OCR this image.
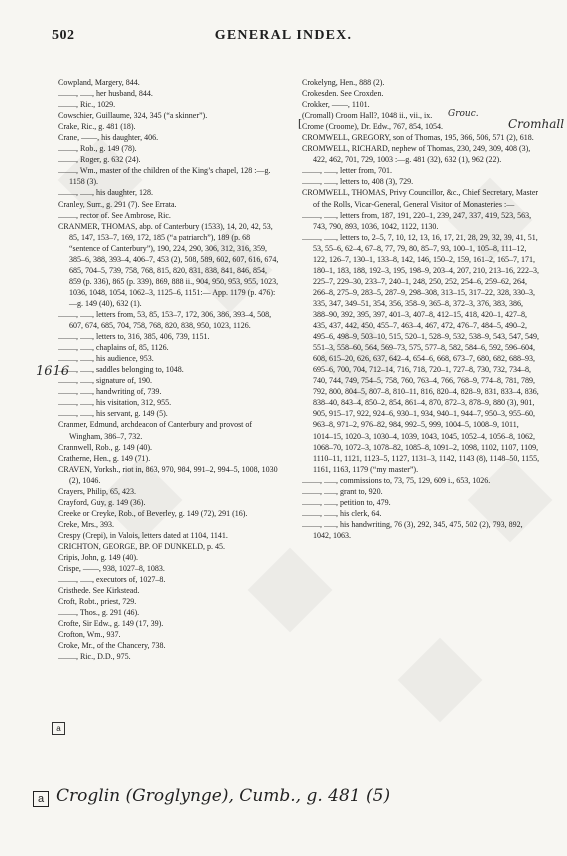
502	GENERAL INDEX.

Cowpland, Margery, 844.

........., ......, her husband, 844.

........., Ric., 1029.

Cowschier, Guillaume, 324, 345 (“a skinner”).

Crake, Ric., g. 481 (18).

Crane, ——, his daughter, 406.

........., Rob., g. 149 (78).

........., Roger, g. 632 (24).

........., Wm., master of the children of the King’s chapel, 128 :—g. 1158 (3).

........., ......, his daughter, 128.

Cranley, Surr., g. 291 (7). See Errata.

........., rector of. See Ambrose, Ric.

CRANMER, THOMAS, abp. of Canterbury (1533), 14, 20, 42, 53, 85, 147, 153–7, 169, 172, 185 (“a patriarch”), 189 (p. 68 “sentence of Canterbury”), 190, 224, 290, 306, 312, 316, 359, 385–6, 388, 393–4, 406–7, 453 (2), 508, 589, 602, 607, 616, 674, 685, 704–5, 739, 758, 768, 815, 820, 831, 838, 841, 846, 854, 859 (p. 336), 865 (p. 339), 869, 888 ii., 904, 950, 953, 955, 1023, 1036, 1048, 1054, 1062–3, 1125–6, 1151:— App. 1179 (p. 476):—g. 149 (40), 632 (1).

........., ......, letters from, 53, 85, 153–7, 172, 306, 386, 393–4, 508, 607, 674, 685, 704, 758, 768, 820, 838, 950, 1023, 1126.

........., ......, letters to, 316, 385, 406, 739, 1151.

........., ......, chaplains of, 85, 1126.

........., ......, his audience, 953.

........., ......, saddles belonging to, 1048.

........., ......, signature of, 190.

........., ......, handwriting of, 739.

........., ......, his visitation, 312, 955.

........., ......, his servant, g. 149 (5).

Cranmer, Edmund, archdeacon of Canterbury and provost of Wingham, 386–7, 732.

Crannwell, Rob., g. 149 (40).

Cratherne, Hen., g. 149 (71).

CRAVEN, Yorksh., riot in, 863, 970, 984, 991–2, 994–5, 1008, 1030 (2), 1046.

Crayers, Philip, 65, 423.

Crayford, Guy, g. 149 (36).

Creeke or Creyke, Rob., of Beverley, g. 149 (72), 291 (16).

Creke, Mrs., 393.

Crespy (Crepi), in Valois, letters dated at 1104, 1141.

CRICHTON, GEORGE, BP. OF DUNKELD, p. 45.

Cripis, John, g. 149 (40).

Crispe, ——, 938, 1027–8, 1083.

........., ......, executors of, 1027–8.

Cristhede. See Kirkstead.

Croft, Robt., priest, 729.

........., Thos., g. 291 (46).

Crofte, Sir Edw., g. 149 (17, 39).

Crofton, Wm., 937.

Croke, Mr., of the Chancery, 738.

........., Ric., D.D., 975.

Crokelyng, Hen., 888 (2).

Crokesden. See Croxden.

Crokker, ——, 1101.

(Cromall) Croom Hall?, 1048 ii., vii., ix.

Crome (Croome), Dr. Edw., 767, 854, 1054.

CROMWELL, GREGORY, son of Thomas, 195, 366, 506, 571 (2), 618.

CROMWELL, RICHARD, nephew of Thomas, 230, 249, 309, 408 (3), 422, 462, 701, 729, 1003 :—g. 481 (32), 632 (1), 962 (22).

........., ......, letter from, 701.

........., ......, letters to, 408 (3), 729.

CROMWELL, THOMAS, Privy Councillor, &c., Chief Secretary, Master of the Rolls, Vicar-General, General Visitor of Monasteries :—

........., ......, letters from, 187, 191, 220–1, 239, 247, 337, 419, 523, 563, 743, 790, 893, 1036, 1042, 1122, 1130.

........., ......, letters to, 2–5, 7, 10, 12, 13, 16, 17, 21, 28, 29, 32, 39, 41, 51, 53, 55–6, 62–4, 67–8, 77, 79, 80, 85–7, 93, 100–1, 105–8, 111–12, 122, 126–7, 130–1, 133–8, 142, 146, 150–2, 159, 161–2, 165–7, 171, 180–1, 183, 188, 192–3, 195, 198–9, 203–4, 207, 210, 213–16, 222–3, 225–7, 229–30, 233–7, 240–1, 248, 250, 252, 254–6, 259–62, 264, 266–8, 275–9, 283–5, 287–9, 298–308, 313–15, 317–22, 328, 330–3, 335, 347, 349–51, 354, 356, 358–9, 365–8, 372–3, 376, 383, 386, 388–90, 392, 395, 397, 401–3, 407–8, 412–15, 418, 420–1, 427–8, 435, 437, 442, 450, 455–7, 463–4, 467, 472, 476–7, 484–5, 490–2, 495–6, 498–9, 503–10, 515, 520–1, 528–9, 532, 538–9, 543, 547, 549, 551–3, 558–60, 564, 569–73, 575, 577–8, 582, 584–6, 592, 596–604, 608, 615–20, 626, 637, 642–4, 654–6, 668, 673–7, 680, 682, 688–93, 695–6, 700, 704, 712–14, 716, 718, 720–1, 727–8, 730, 732, 734–8, 740, 744, 749, 754–5, 758, 760, 763–4, 766, 768–9, 774–8, 781, 789, 792, 800, 804–5, 807–8, 810–11, 816, 820–4, 828–9, 831, 833–4, 836, 838–40, 843–4, 850–2, 854, 861–4, 870, 872–3, 878–9, 880 (3), 901, 905, 915–17, 922, 924–6, 930–1, 934, 940–1, 944–7, 950–3, 955–60, 963–8, 971–2, 976–82, 984, 992–5, 999, 1004–5, 1008–9, 1011, 1014–15, 1020–3, 1030–4, 1039, 1043, 1045, 1052–4, 1056–8, 1062, 1068–70, 1072–3, 1078–82, 1085–8, 1091–2, 1098, 1102, 1107, 1109, 1110–11, 1121, 1123–5, 1127, 1131–3, 1142, 1143 (8), 1148–50, 1155, 1161, 1163, 1179 (“my master”).

........., ......, commissions to, 73, 75, 129, 609 i., 653, 1026.

........., ......, grant to, 920.

........., ......, petition to, 479.

........., ......, his clerk, 64.

........., ......, his handwriting, 76 (3), 292, 345, 475, 502 (2), 793, 892, 1042, 1063.

[
Grouc.
Cromhall
1616
a
a Croglin (Groglynge), Cumb., g. 481 (5)
